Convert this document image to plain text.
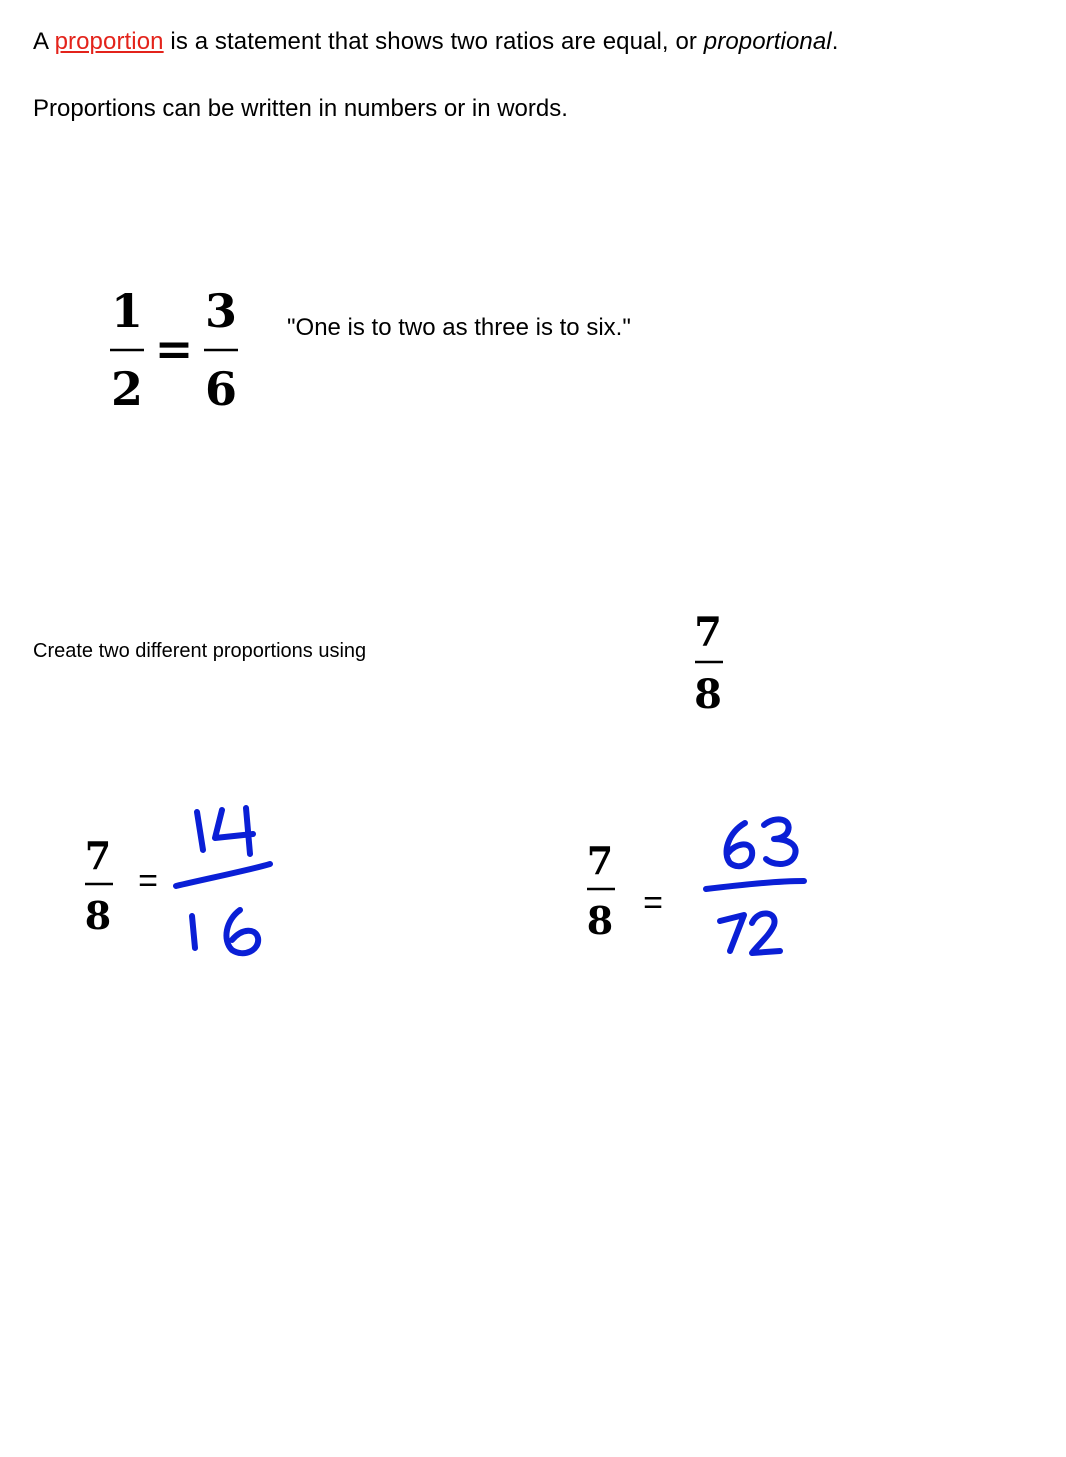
A proportion is a statement that shows two ratios are equal, or proportional.
Proportions can be written in numbers or in words.
1
2
=
3
6
"One is to two as three is to six."
Create two different proportions using	7
8
7
8
=	7
8 =
